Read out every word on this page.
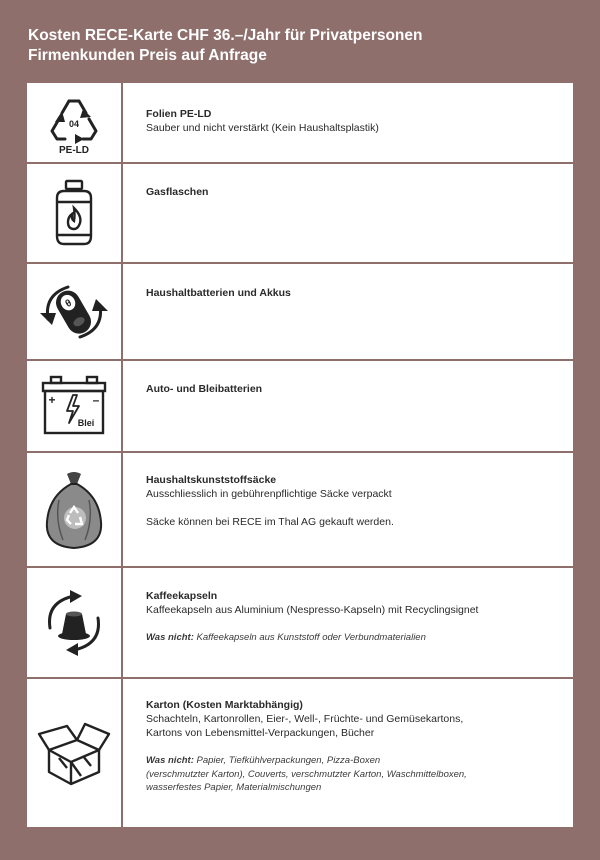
Kosten RECE-Karte CHF 36.–/Jahr für Privatpersonen
Firmenkunden Preis auf Anfrage
04
PE-LD
Folien PE-LD
Sauber und nicht verstärkt (Kein Haushaltsplastik)
Gasflaschen
θ
Haushaltbatterien und Akkus
+	–
Blei
Auto- und Bleibatterien
Haushaltskunststoffsäcke
Ausschliesslich in gebührenpflichtige Säcke verpackt
Säcke können bei RECE im Thal AG gekauft werden.
Kaffeekapseln
Kaffeekapseln aus Aluminium (Nespresso-Kapseln) mit Recyclingsignet
Was nicht: Kaffeekapseln aus Kunststoff oder Verbundmaterialien
Karton (Kosten Marktabhängig)
Schachteln, Kartonrollen, Eier-, Well-, Früchte- und Gemüsekartons,
Kartons von Lebensmittel-Verpackungen, Bücher
Was nicht: Papier, Tiefkühlverpackungen, Pizza-Boxen
(verschmutzter Karton), Couverts, verschmutzter Karton, Waschmittelboxen,
wasserfestes Papier, Materialmischungen
